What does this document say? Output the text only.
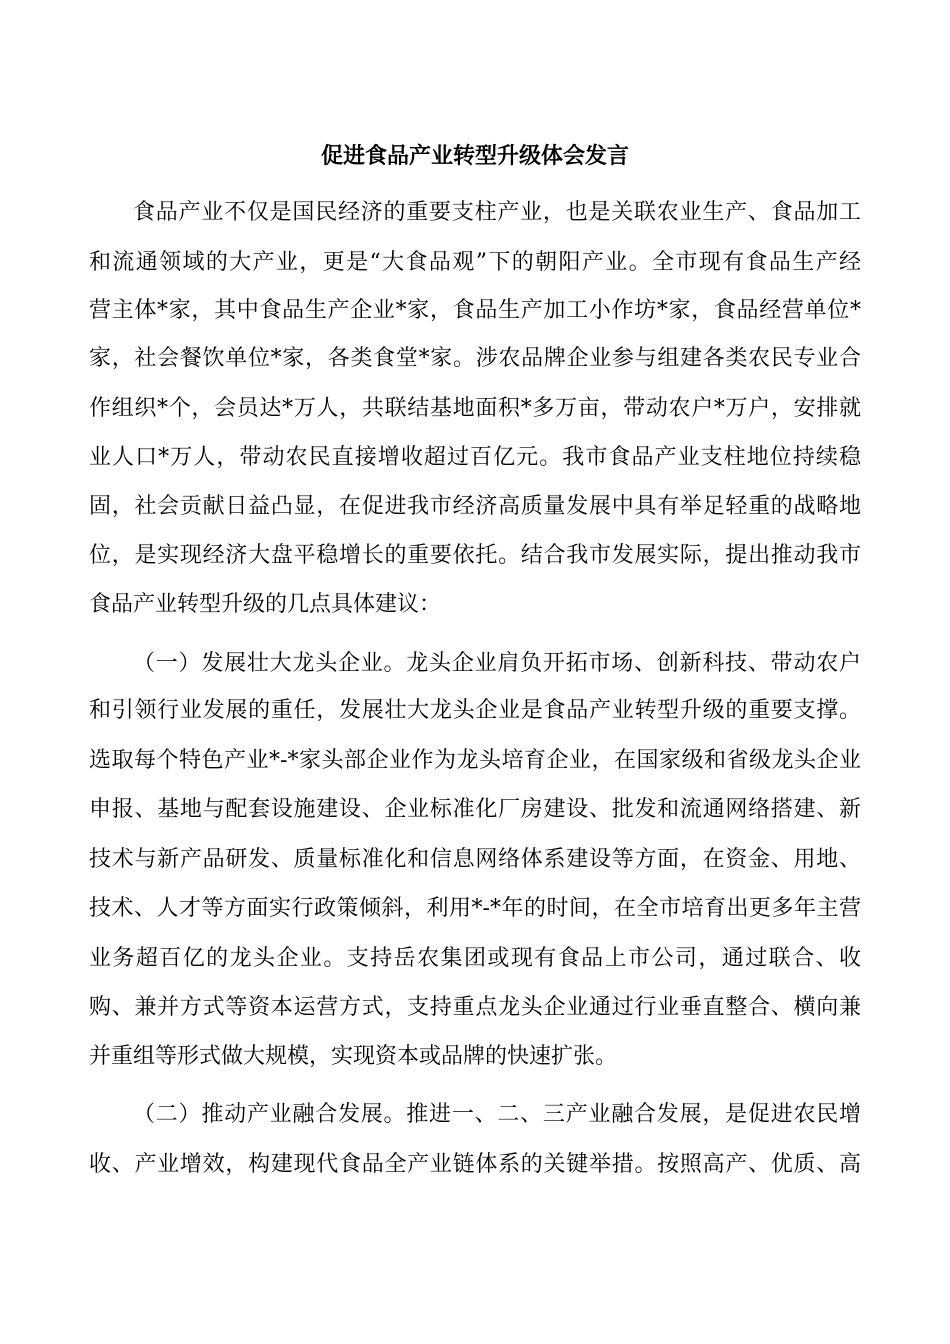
促进食品产业转型升级体会发言
食品产业不仅是国民经济的重要支柱产业，也是关联农业生产、食品加工
和流通领域的大产业，更是“大食品观”下的朝阳产业。全市现有食品生产经
营主体*家，其中食品生产企业*家，食品生产加工小作坊*家，食品经营单位*
家，社会餐饮单位*家，各类食堂*家。涉农品牌企业参与组建各类农民专业合
作组织*个，会员达*万人，共联结基地面积*多万亩，带动农户*万户，安排就
业人口*万人，带动农民直接增收超过百亿元。我市食品产业支柱地位持续稳
固，社会贡献日益凸显，在促进我市经济高质量发展中具有举足轻重的战略地
位，是实现经济大盘平稳增长的重要依托。结合我市发展实际，提出推动我市
食品产业转型升级的几点具体建议：
（一）发展壮大龙头企业。龙头企业肩负开拓市场、创新科技、带动农户
和引领行业发展的重任，发展壮大龙头企业是食品产业转型升级的重要支撑。
选取每个特色产业*-*家头部企业作为龙头培育企业，在国家级和省级龙头企业
申报、基地与配套设施建设、企业标准化厂房建设、批发和流通网络搭建、新
技术与新产品研发、质量标准化和信息网络体系建设等方面，在资金、用地、
技术、人才等方面实行政策倾斜，利用*-*年的时间，在全市培育出更多年主营
业务超百亿的龙头企业。支持岳农集团或现有食品上市公司，通过联合、收
购、兼并方式等资本运营方式，支持重点龙头企业通过行业垂直整合、横向兼
并重组等形式做大规模，实现资本或品牌的快速扩张。
（二）推动产业融合发展。推进一、二、三产业融合发展，是促进农民增
收、产业增效，构建现代食品全产业链体系的关键举措。按照高产、优质、高
